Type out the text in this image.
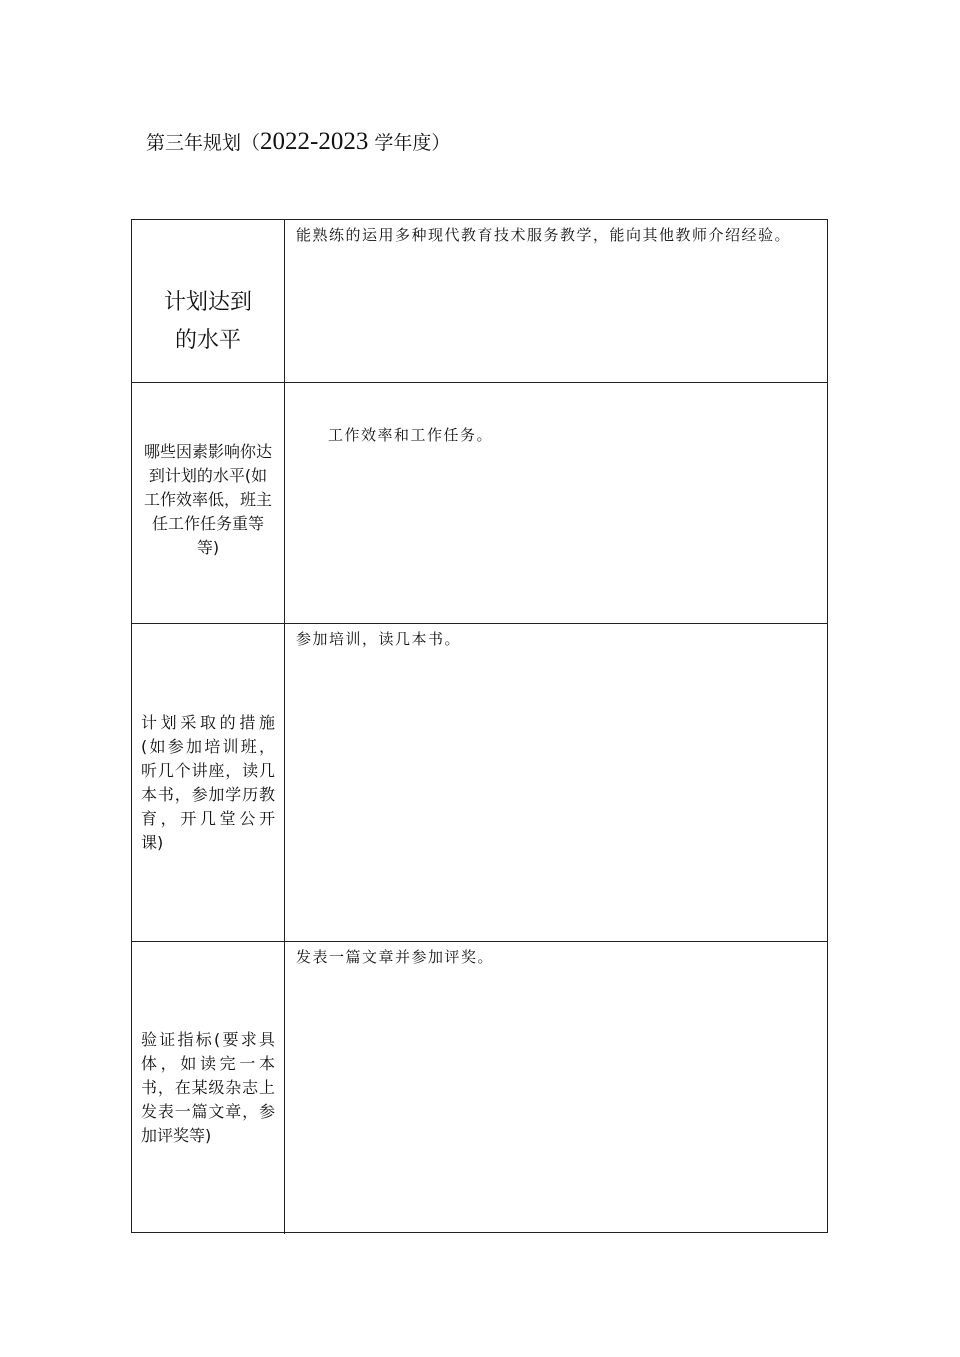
第三年规划（2022-2023 学年度）
计划达到
的水平
能熟练的运用多种现代教育技术服务教学，能向其他教师介绍经验。
哪些因素影响你达到计划的水平(如工作效率低，班主任工作任务重等等)
工作效率和工作任务。
计划采取的措施(如参加培训班，听几个讲座，读几本书，参加学历教育，开几堂公开课)
参加培训，读几本书。
验证指标(要求具体，如读完一本书，在某级杂志上发表一篇文章，参加评奖等)
发表一篇文章并参加评奖。
